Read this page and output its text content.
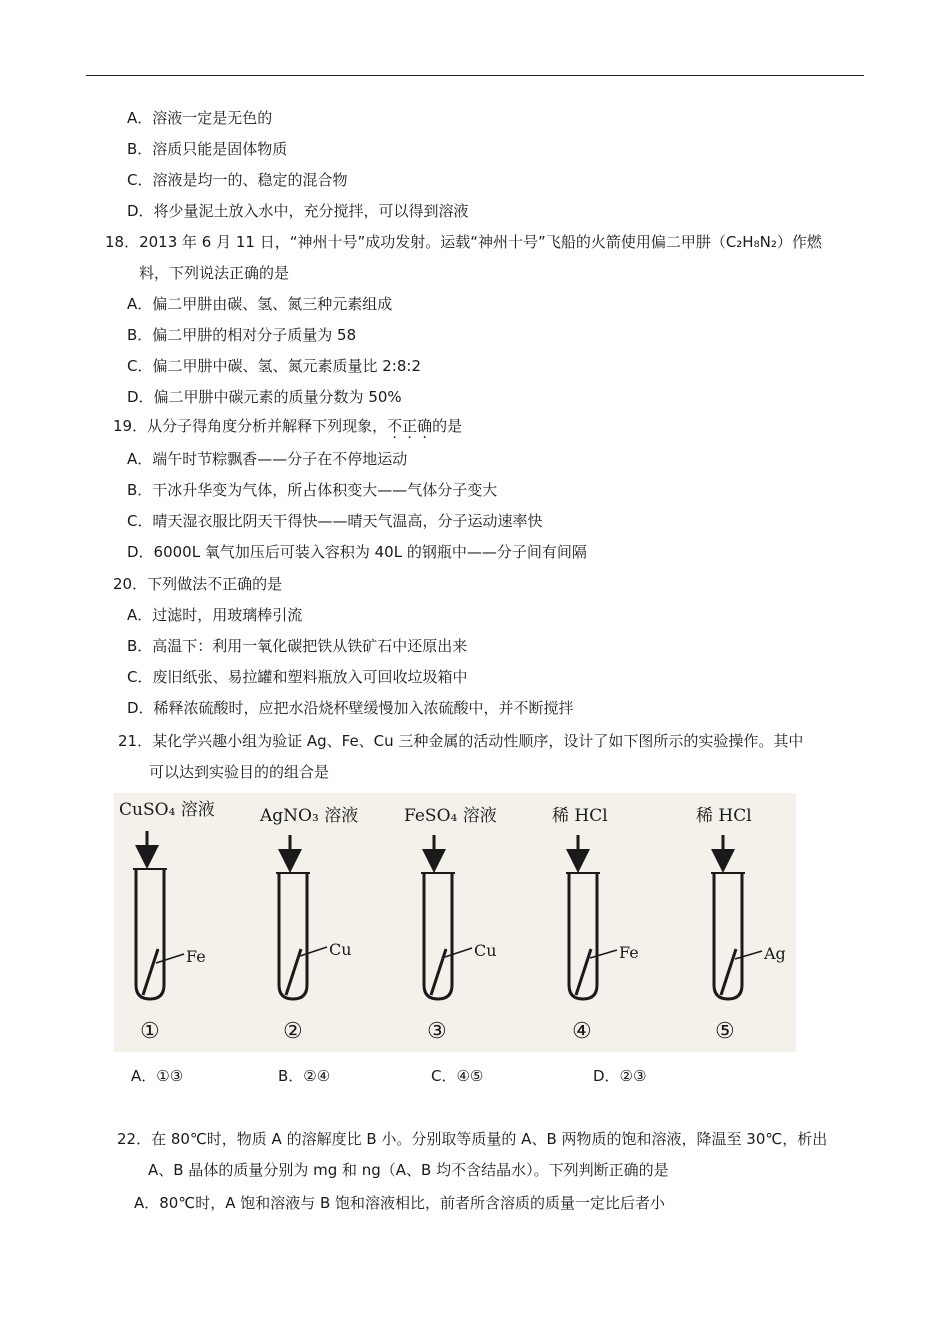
A．溶液一定是无色的
B．溶质只能是固体物质
C．溶液是均一的、稳定的混合物
D．将少量泥土放入水中，充分搅拌，可以得到溶液
18．2013 年 6 月 11 日，“神州十号”成功发射。运载“神州十号”飞船的火箭使用偏二甲肼（C₂H₈N₂）作燃
料，下列说法正确的是
A．偏二甲肼由碳、氢、氮三种元素组成
B．偏二甲肼的相对分子质量为 58
C．偏二甲肼中碳、氢、氮元素质量比 2:8:2
D．偏二甲肼中碳元素的质量分数为 50%
19．从分子得角度分析并解释下列现象，不正确的是
A．端午时节粽飘香——分子在不停地运动
B．干冰升华变为气体，所占体积变大——气体分子变大
C．晴天湿衣服比阴天干得快——晴天气温高，分子运动速率快
D．6000L 氧气加压后可装入容积为 40L 的钢瓶中——分子间有间隔
20．下列做法不正确的是
A．过滤时，用玻璃棒引流
B．高温下：利用一氧化碳把铁从铁矿石中还原出来
C．废旧纸张、易拉罐和塑料瓶放入可回收垃圾箱中
D．稀释浓硫酸时，应把水沿烧杯壁缓慢加入浓硫酸中，并不断搅拌
21．某化学兴趣小组为验证 Ag、Fe、Cu 三种金属的活动性顺序，设计了如下图所示的实验操作。其中
可以达到实验目的的组合是
CuSO₄ 溶液
Fe
①
AgNO₃ 溶液
Cu
②
FeSO₄ 溶液
Cu
③
稀 HCl
Fe
④
稀 HCl
Ag
⑤
A．①③	B．②④	C．④⑤	D．②③
22．在 80℃时，物质 A 的溶解度比 B 小。分别取等质量的 A、B 两物质的饱和溶液，降温至 30℃，析出
A、B 晶体的质量分别为 mg 和 ng（A、B 均不含结晶水）。下列判断正确的是
A．80℃时，A 饱和溶液与 B 饱和溶液相比，前者所含溶质的质量一定比后者小
